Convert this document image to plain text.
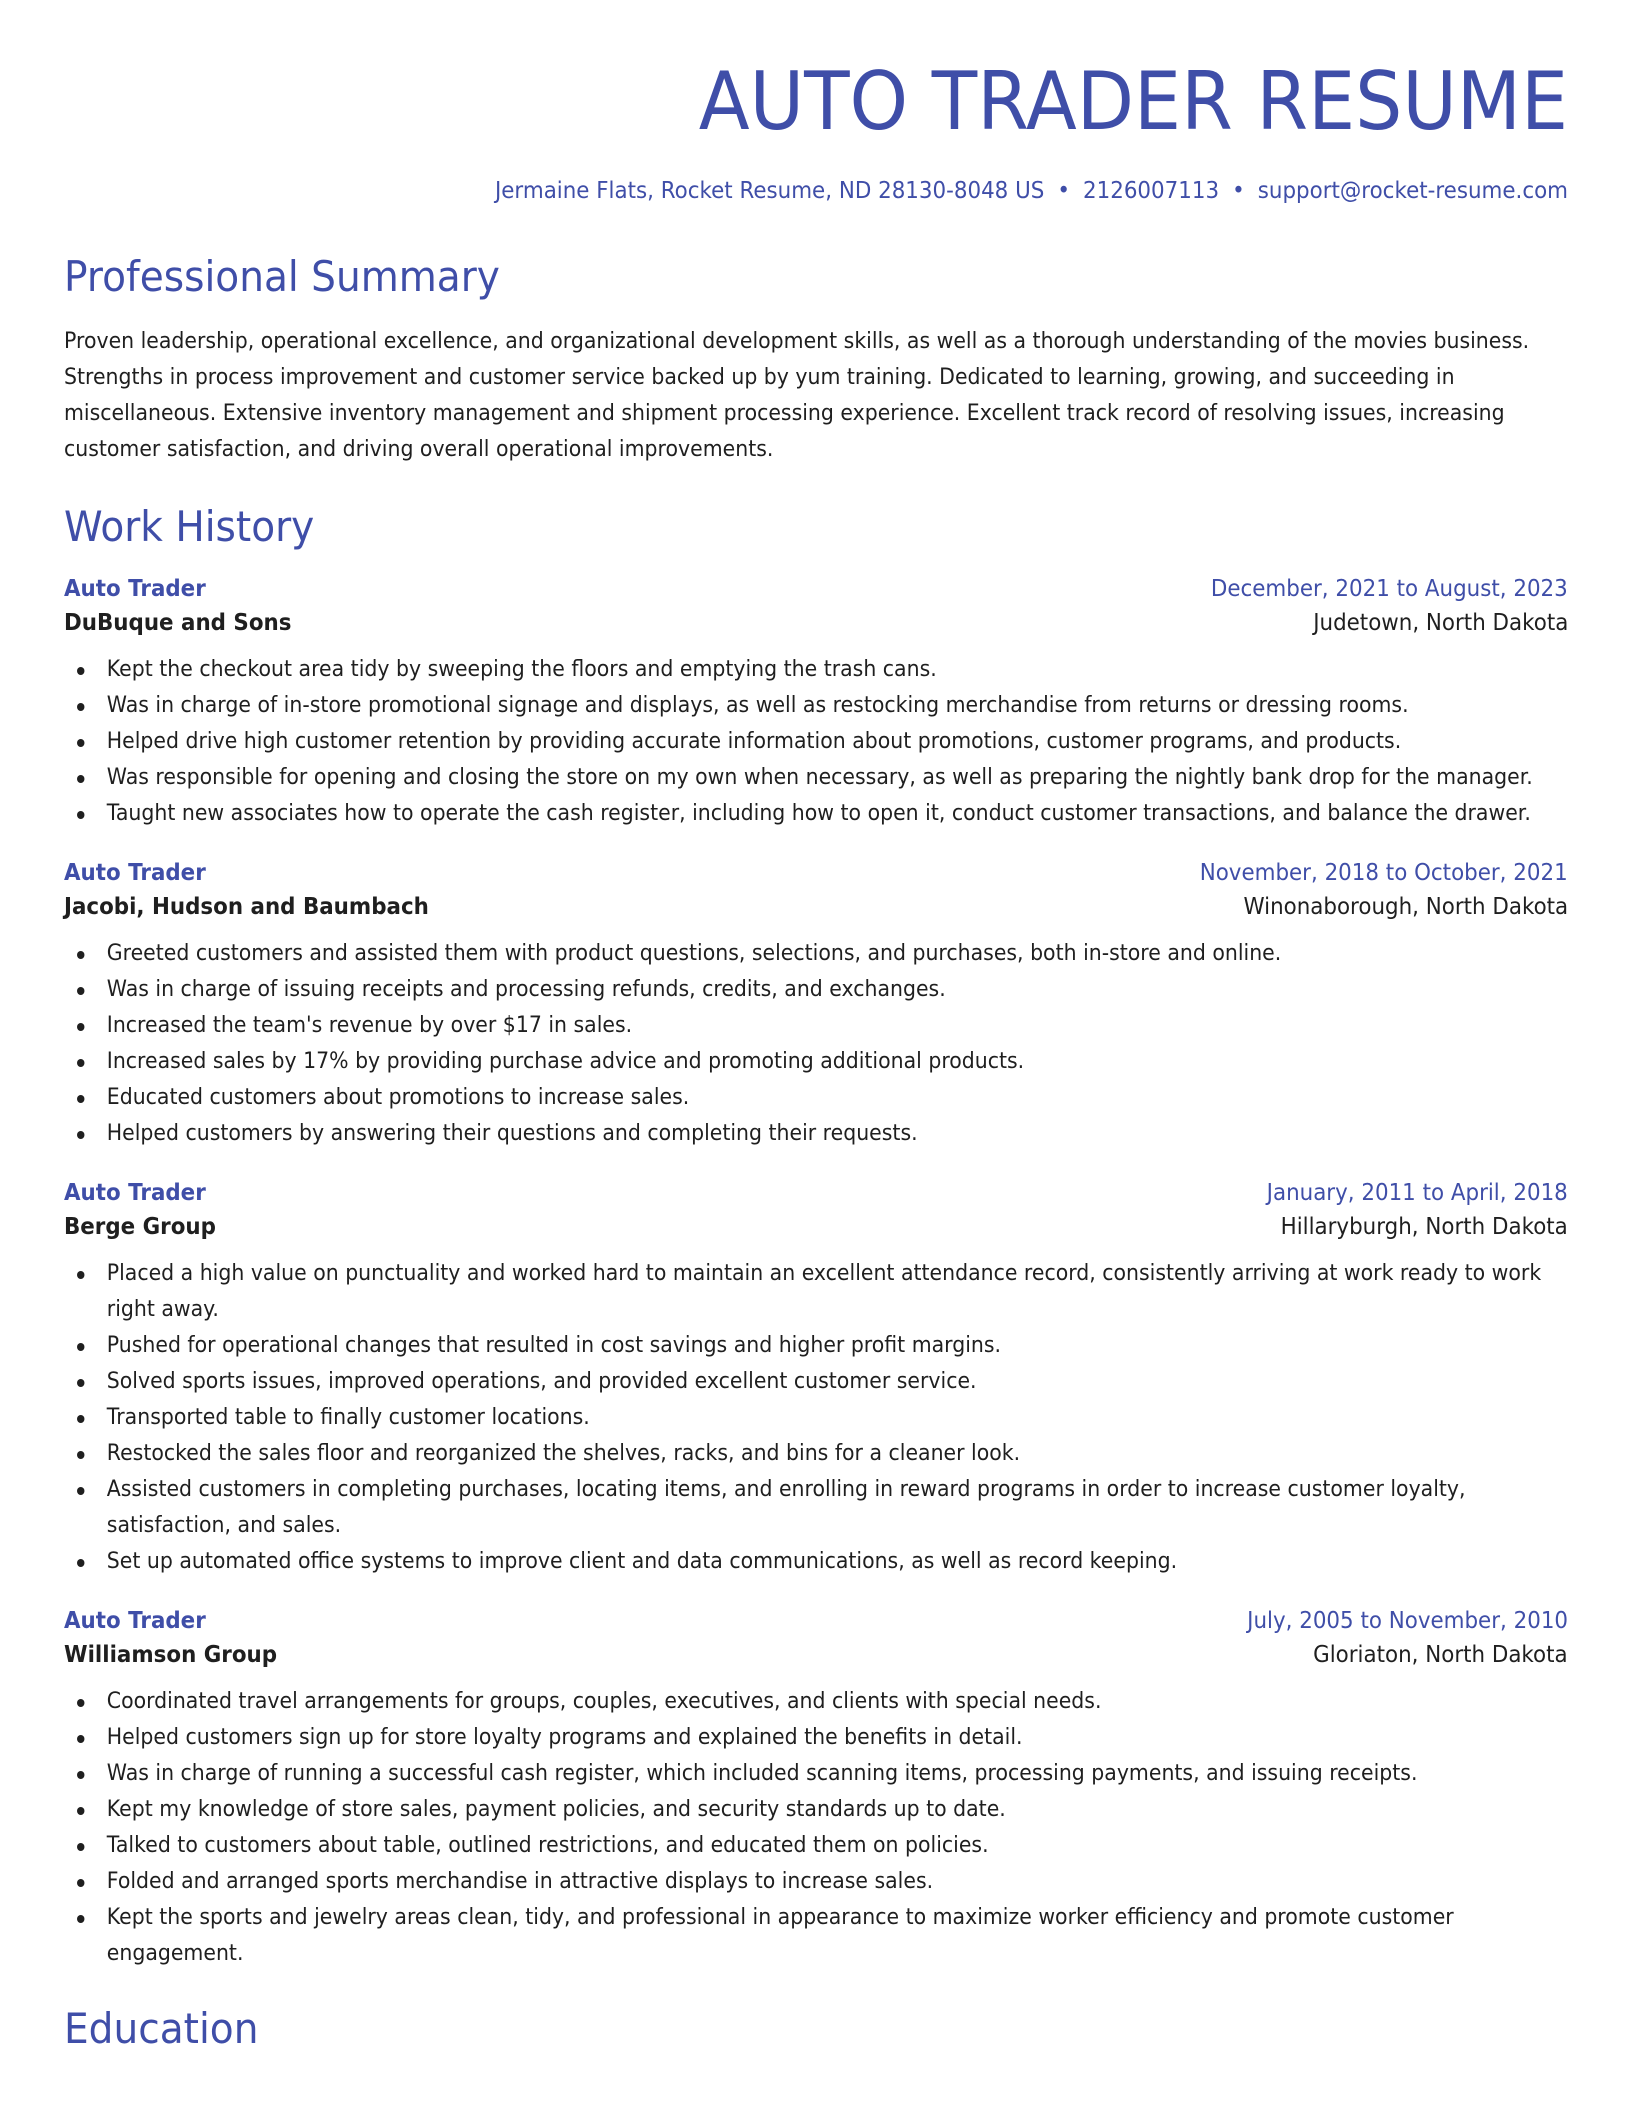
AUTO TRADER RESUME
Jermaine Flats, Rocket Resume, ND 28130-8048 US • 2126007113 • support@rocket-resume.com
Professional Summary

Proven leadership, operational excellence, and organizational development skills, as well as a thorough understanding of the movies business. Strengths in process improvement and customer service backed up by yum training. Dedicated to learning, growing, and succeeding in miscellaneous. Extensive inventory management and shipment processing experience. Excellent track record of resolving issues, increasing customer satisfaction, and driving overall operational improvements.

Work History
Auto Trader	December, 2021 to August, 2023
DuBuque and Sons	Judetown, North Dakota
Kept the checkout area tidy by sweeping the floors and emptying the trash cans.
Was in charge of in-store promotional signage and displays, as well as restocking merchandise from returns or dressing rooms.
Helped drive high customer retention by providing accurate information about promotions, customer programs, and products.
Was responsible for opening and closing the store on my own when necessary, as well as preparing the nightly bank drop for the manager.
Taught new associates how to operate the cash register, including how to open it, conduct customer transactions, and balance the drawer.
Auto Trader	November, 2018 to October, 2021
Jacobi, Hudson and Baumbach	Winonaborough, North Dakota
Greeted customers and assisted them with product questions, selections, and purchases, both in-store and online.
Was in charge of issuing receipts and processing refunds, credits, and exchanges.
Increased the team's revenue by over $17 in sales.
Increased sales by 17% by providing purchase advice and promoting additional products.
Educated customers about promotions to increase sales.
Helped customers by answering their questions and completing their requests.
Auto Trader	January, 2011 to April, 2018
Berge Group	Hillaryburgh, North Dakota
Placed a high value on punctuality and worked hard to maintain an excellent attendance record, consistently arriving at work ready to work right away.
Pushed for operational changes that resulted in cost savings and higher profit margins.
Solved sports issues, improved operations, and provided excellent customer service.
Transported table to finally customer locations.
Restocked the sales floor and reorganized the shelves, racks, and bins for a cleaner look.
Assisted customers in completing purchases, locating items, and enrolling in reward programs in order to increase customer loyalty, satisfaction, and sales.
Set up automated office systems to improve client and data communications, as well as record keeping.
Auto Trader	July, 2005 to November, 2010
Williamson Group	Gloriaton, North Dakota
Coordinated travel arrangements for groups, couples, executives, and clients with special needs.
Helped customers sign up for store loyalty programs and explained the benefits in detail.
Was in charge of running a successful cash register, which included scanning items, processing payments, and issuing receipts.
Kept my knowledge of store sales, payment policies, and security standards up to date.
Talked to customers about table, outlined restrictions, and educated them on policies.
Folded and arranged sports merchandise in attractive displays to increase sales.
Kept the sports and jewelry areas clean, tidy, and professional in appearance to maximize worker efficiency and promote customer engagement.
Education
